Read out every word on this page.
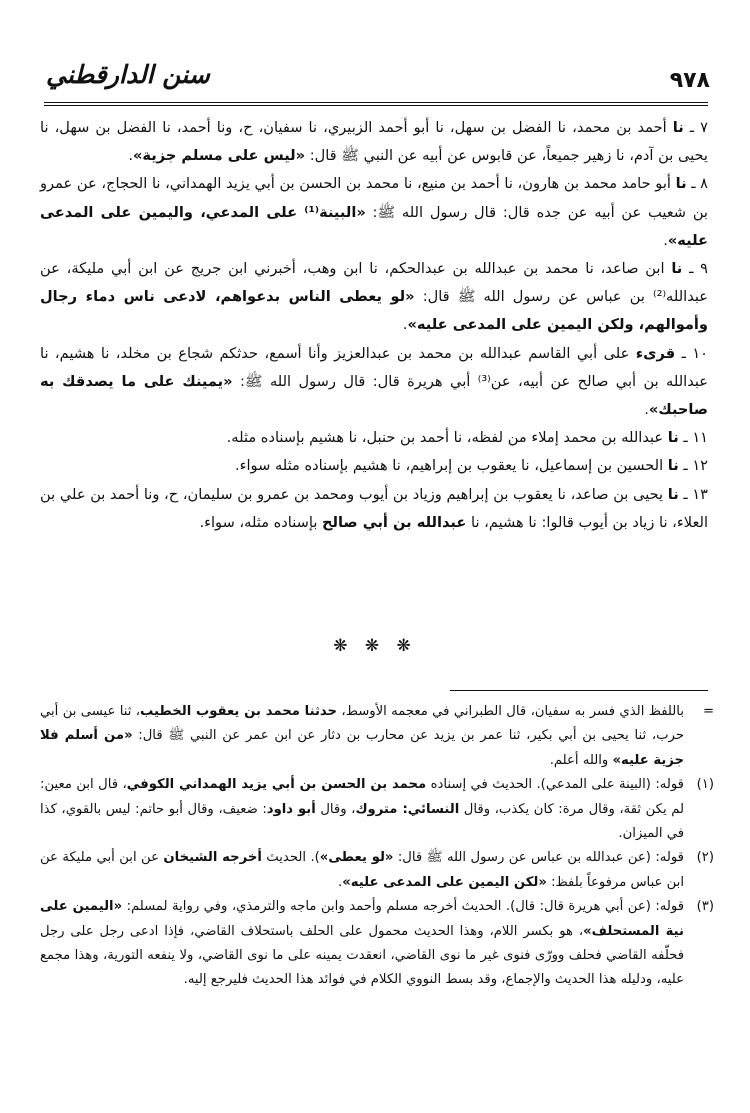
٩٧٨
سنن الدارقطني

٧ ـ نا أحمد بن محمد، نا الفضل بن سهل، نا أبو أحمد الزبيري، نا سفيان، ح، ونا أحمد، نا الفضل بن سهل، نا يحيى بن آدم، نا زهير جميعاً، عن قابوس عن أبيه عن النبي ﷺ قال: «ليس على مسلم جزية».

٨ ـ نا أبو حامد محمد بن هارون، نا أحمد بن منيع، نا محمد بن الحسن بن أبي يزيد الهمداني، نا الحجاج، عن عمرو بن شعيب عن أبيه عن جده قال: قال رسول الله ﷺ: «البينة⁽¹⁾ على المدعي، واليمين على المدعى عليه».

٩ ـ نا ابن صاعد، نا محمد بن عبدالله بن عبدالحكم، نا ابن وهب، أخبرني ابن جريج عن ابن أبي مليكة، عن عبدالله⁽²⁾ بن عباس عن رسول الله ﷺ قال: «لو يعطى الناس بدعواهم، لادعى ناس دماء رجال وأموالهم، ولكن اليمين على المدعى عليه».

١٠ ـ قرىء على أبي القاسم عبدالله بن محمد بن عبدالعزيز وأنا أسمع، حدثكم شجاع بن مخلد، نا هشيم، نا عبدالله بن أبي صالح عن أبيه، عن⁽³⁾ أبي هريرة قال: قال رسول الله ﷺ: «يمينك على ما يصدقك به صاحبك».

١١ ـ نا عبدالله بن محمد إملاء من لفظه، نا أحمد بن حنبل، نا هشيم بإسناده مثله.

١٢ ـ نا الحسين بن إسماعيل، نا يعقوب بن إبراهيم، نا هشيم بإسناده مثله سواء.

١٣ ـ نا يحيى بن صاعد، نا يعقوب بن إبراهيم وزياد بن أيوب ومحمد بن عمرو بن سليمان، ح، ونا أحمد بن علي بن العلاء، نا زياد بن أيوب قالوا: نا هشيم، نا عبدالله بن أبي صالح بإسناده مثله، سواء.

❋ ❋ ❋
=
باللفظ الذي فسر به سفيان، قال الطبراني في معجمه الأوسط، حدثنا محمد بن يعقوب الخطيب، ثنا عيسى بن أبي حرب، ثنا يحيى بن أبي بكير، ثنا عمر بن يزيد عن محارب بن دثار عن ابن عمر عن النبي ﷺ قال: «من أسلم فلا جزية عليه» والله أعلم.
(١)
قوله: (البينة على المدعي). الحديث في إسناده محمد بن الحسن بن أبي يزيد الهمداني الكوفي، قال ابن معين: لم يكن ثقة، وقال مرة: كان يكذب، وقال النسائي: متروك، وقال أبو داود: ضعيف، وقال أبو حاتم: ليس بالقوي، كذا في الميزان.
(٢)
قوله: (عن عبدالله بن عباس عن رسول الله ﷺ قال: «لو يعطى»). الحديث أخرجه الشيخان عن ابن أبي مليكة عن ابن عباس مرفوعاً بلفظ: «لكن اليمين على المدعى عليه».
(٣)
قوله: (عن أبي هريرة قال: قال). الحديث أخرجه مسلم وأحمد وابن ماجه والترمذي، وفي رواية لمسلم: «اليمين على نية المستحلف»، هو بكسر اللام، وهذا الحديث محمول على الحلف باستحلاف القاضي، فإذا ادعى رجل على رجل فحلّفه القاضي فحلف وورّى فنوى غير ما نوى القاضي، انعقدت يمينه على ما نوى القاضي، ولا ينفعه التورية، وهذا مجمع عليه، ودليله هذا الحديث والإجماع، وقد بسط النووي الكلام في فوائد هذا الحديث فليرجع إليه.
